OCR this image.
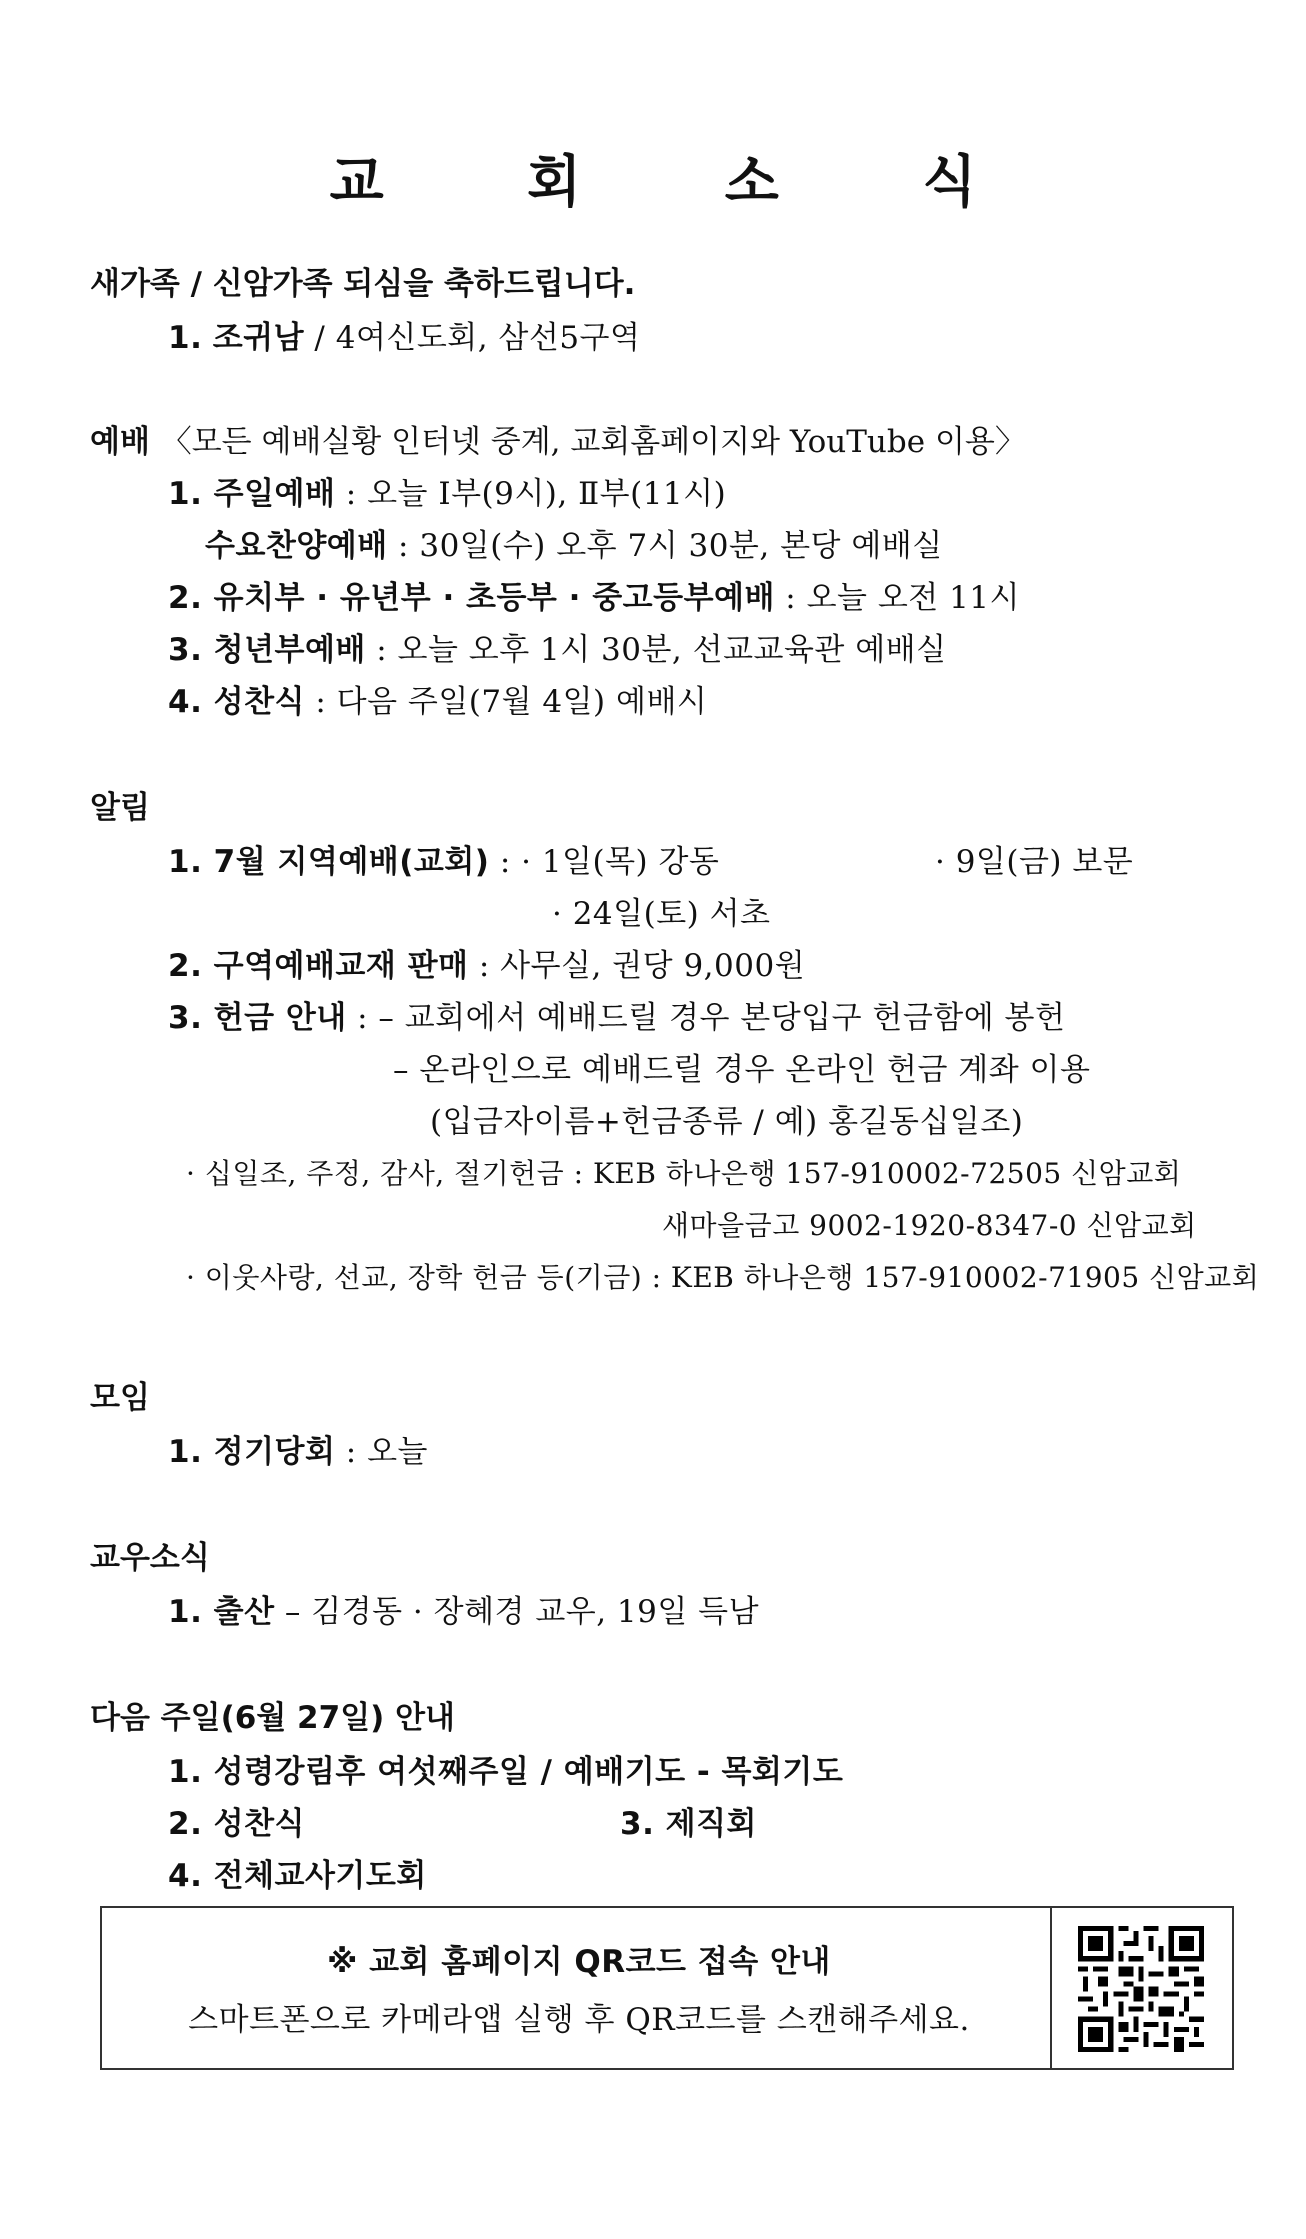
교 회 소 식
새가족 / 신암가족 되심을 축하드립니다.
1. 조귀남 / 4여신도회, 삼선5구역
예배 〈모든 예배실황 인터넷 중계, 교회홈페이지와 YouTube 이용〉
1. 주일예배 : 오늘 Ⅰ부(9시), Ⅱ부(11시)
수요찬양예배 : 30일(수) 오후 7시 30분, 본당 예배실
2. 유치부 · 유년부 · 초등부 · 중고등부예배 : 오늘 오전 11시
3. 청년부예배 : 오늘 오후 1시 30분, 선교교육관 예배실
4. 성찬식 : 다음 주일(7월 4일) 예배시
알림
1. 7월 지역예배(교회) : · 1일(목) 강동	· 9일(금) 보문
· 24일(토) 서초
2. 구역예배교재 판매 : 사무실, 권당 9,000원
3. 헌금 안내 : – 교회에서 예배드릴 경우 본당입구 헌금함에 봉헌
– 온라인으로 예배드릴 경우 온라인 헌금 계좌 이용
(입금자이름+헌금종류 / 예) 홍길동십일조)
· 십일조, 주정, 감사, 절기헌금 : KEB 하나은행 157-910002-72505 신암교회
새마을금고 9002-1920-8347-0 신암교회
· 이웃사랑, 선교, 장학 헌금 등(기금) : KEB 하나은행 157-910002-71905 신암교회
모임
1. 정기당회 : 오늘
교우소식
1. 출산 – 김경동 · 장혜경 교우, 19일 득남
다음 주일(6월 27일) 안내
1. 성령강림후 여섯째주일 / 예배기도 - 목회기도
2. 성찬식	3. 제직회
4. 전체교사기도회
※ 교회 홈페이지 QR코드 접속 안내
스마트폰으로 카메라앱 실행 후 QR코드를 스캔해주세요.
